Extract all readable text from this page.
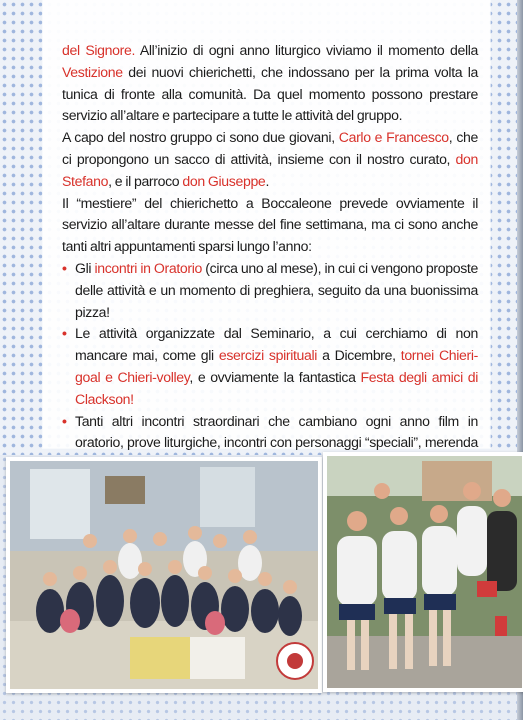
del Signore. All’inizio di ogni anno liturgico viviamo il momento della Vestizione dei nuovi chierichetti, che indossano per la prima volta la tunica di fronte alla comunità. Da quel momento possono prestare servizio all’altare e partecipare a tutte le attività del gruppo.

A capo del nostro gruppo ci sono due giovani, Carlo e Francesco, che ci propongono un sacco di attività, insieme con il nostro curato, don Stefano, e il parroco don Giuseppe.

Il “mestiere” del chierichetto a Boccaleone prevede ovviamente il servizio all’altare durante messe del fine settimana, ma ci sono anche tanti altri appuntamenti sparsi lungo l’anno:

• Gli incontri in Oratorio (circa uno al mese), in cui ci vengono proposte delle attività e un momento di preghiera, seguito da una buonissima pizza!
• Le attività organizzate dal Seminario, a cui cerchiamo di non mancare mai, come gli esercizi spirituali a Dicembre, tornei Chieri-goal e Chieri-volley, e ovviamente la fantastica Festa degli amici di Clackson!
• Tanti altri incontri straordinari che cambiano ogni anno film in oratorio, prove liturgiche, incontri con personaggi “speciali”, merenda
